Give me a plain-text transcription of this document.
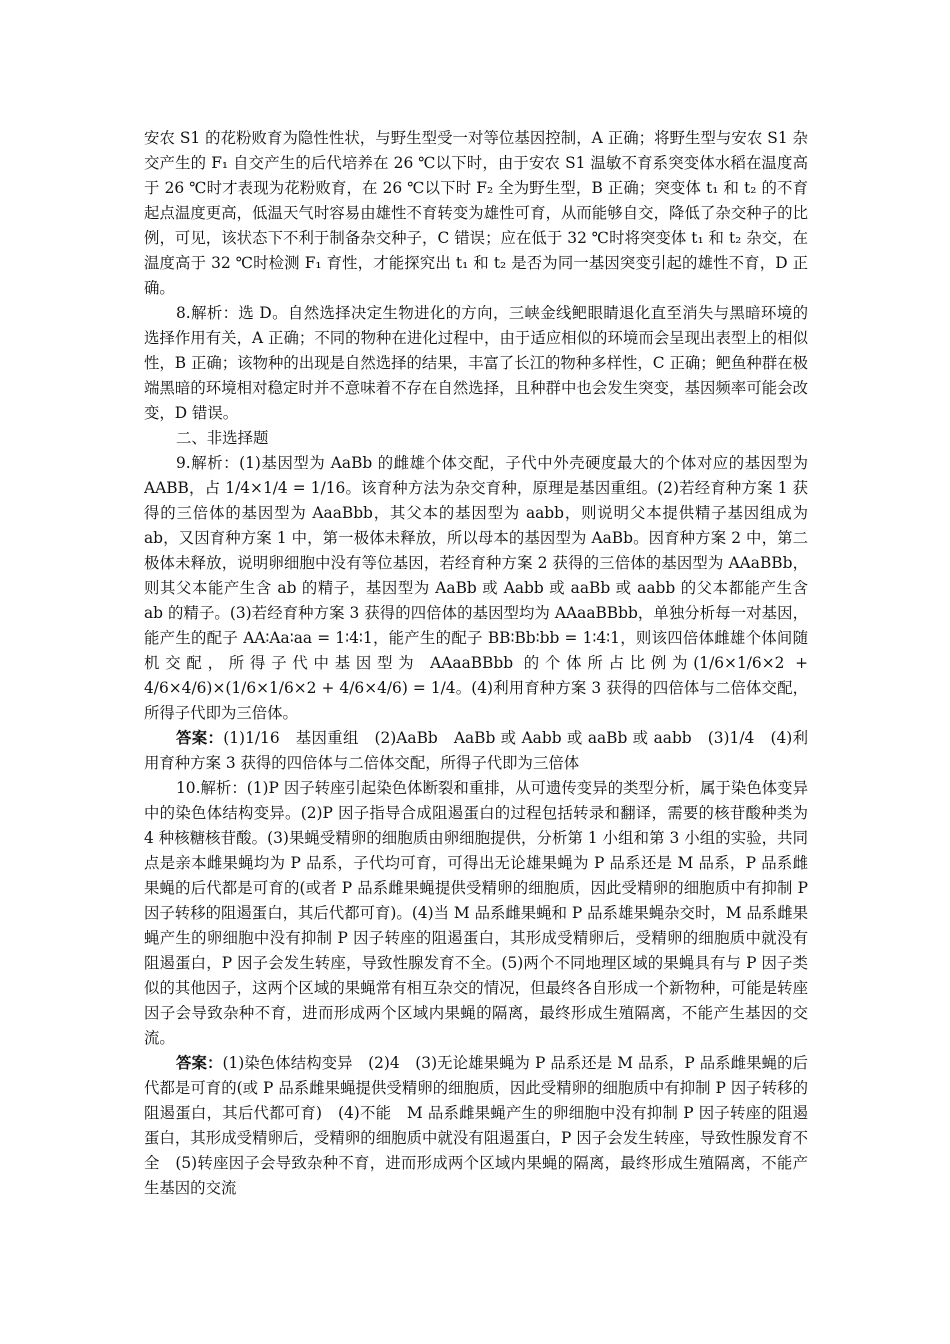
安农 S1 的花粉败育为隐性性状，与野生型受一对等位基因控制，A 正确；将野生型与安农 S1 杂交产生的 F₁ 自交产生的后代培养在 26 ℃以下时，由于安农 S1 温敏不育系突变体水稻在温度高于 26 ℃时才表现为花粉败育，在 26 ℃以下时 F₂ 全为野生型，B 正确；突变体 t₁ 和 t₂ 的不育起点温度更高，低温天气时容易由雄性不育转变为雄性可育，从而能够自交，降低了杂交种子的比例，可见，该状态下不利于制备杂交种子，C 错误；应在低于 32 ℃时将突变体 t₁ 和 t₂ 杂交，在温度高于 32 ℃时检测 F₁ 育性，才能探究出 t₁ 和 t₂ 是否为同一基因突变引起的雄性不育，D 正确。

8.解析：选 D。自然选择决定生物进化的方向，三峡金线鲃眼睛退化直至消失与黑暗环境的选择作用有关，A 正确；不同的物种在进化过程中，由于适应相似的环境而会呈现出表型上的相似性，B 正确；该物种的出现是自然选择的结果，丰富了长江的物种多样性，C 正确；鲃鱼种群在极端黑暗的环境相对稳定时并不意味着不存在自然选择，且种群中也会发生突变，基因频率可能会改变，D 错误。

二、非选择题

9.解析：(1)基因型为 AaBb 的雌雄个体交配，子代中外壳硬度最大的个体对应的基因型为 AABB，占 1/4×1/4 = 1/16。该育种方法为杂交育种，原理是基因重组。(2)若经育种方案 1 获得的三倍体的基因型为 AaaBbb，其父本的基因型为 aabb，则说明父本提供精子基因组成为 ab，又因育种方案 1 中，第一极体未释放，所以母本的基因型为 AaBb。因育种方案 2 中，第二极体未释放，说明卵细胞中没有等位基因，若经育种方案 2 获得的三倍体的基因型为 AAaBBb，则其父本能产生含 ab 的精子，基因型为 AaBb 或 Aabb 或 aaBb 或 aabb 的父本都能产生含 ab 的精子。(3)若经育种方案 3 获得的四倍体的基因型均为 AAaaBBbb，单独分析每一对基因，能产生的配子 AA∶Aa∶aa = 1∶4∶1，能产生的配子 BB∶Bb∶bb = 1∶4∶1，则该四倍体雌雄个体间随机交配，所得子代中基因型为 AAaaBBbb 的个体所占比例为(1/6×1/6×2 + 4/6×4/6)×(1/6×1/6×2 + 4/6×4/6) = 1/4。(4)利用育种方案 3 获得的四倍体与二倍体交配，所得子代即为三倍体。

答案：(1)1/16　基因重组　(2)AaBb　AaBb 或 Aabb 或 aaBb 或 aabb　(3)1/4　(4)利用育种方案 3 获得的四倍体与二倍体交配，所得子代即为三倍体

10.解析：(1)P 因子转座引起染色体断裂和重排，从可遗传变异的类型分析，属于染色体变异中的染色体结构变异。(2)P 因子指导合成阻遏蛋白的过程包括转录和翻译，需要的核苷酸种类为 4 种核糖核苷酸。(3)果蝇受精卵的细胞质由卵细胞提供，分析第 1 小组和第 3 小组的实验，共同点是亲本雌果蝇均为 P 品系，子代均可育，可得出无论雄果蝇为 P 品系还是 M 品系，P 品系雌果蝇的后代都是可育的(或者 P 品系雌果蝇提供受精卵的细胞质，因此受精卵的细胞质中有抑制 P 因子转移的阻遏蛋白，其后代都可育)。(4)当 M 品系雌果蝇和 P 品系雄果蝇杂交时，M 品系雌果蝇产生的卵细胞中没有抑制 P 因子转座的阻遏蛋白，其形成受精卵后，受精卵的细胞质中就没有阻遏蛋白，P 因子会发生转座，导致性腺发育不全。(5)两个不同地理区域的果蝇具有与 P 因子类似的其他因子，这两个区域的果蝇常有相互杂交的情况，但最终各自形成一个新物种，可能是转座因子会导致杂种不育，进而形成两个区域内果蝇的隔离，最终形成生殖隔离，不能产生基因的交流。

答案：(1)染色体结构变异　(2)4　(3)无论雄果蝇为 P 品系还是 M 品系，P 品系雌果蝇的后代都是可育的(或 P 品系雌果蝇提供受精卵的细胞质，因此受精卵的细胞质中有抑制 P 因子转移的阻遏蛋白，其后代都可育)　(4)不能　M 品系雌果蝇产生的卵细胞中没有抑制 P 因子转座的阻遏蛋白，其形成受精卵后，受精卵的细胞质中就没有阻遏蛋白，P 因子会发生转座，导致性腺发育不全　(5)转座因子会导致杂种不育，进而形成两个区域内果蝇的隔离，最终形成生殖隔离，不能产生基因的交流
